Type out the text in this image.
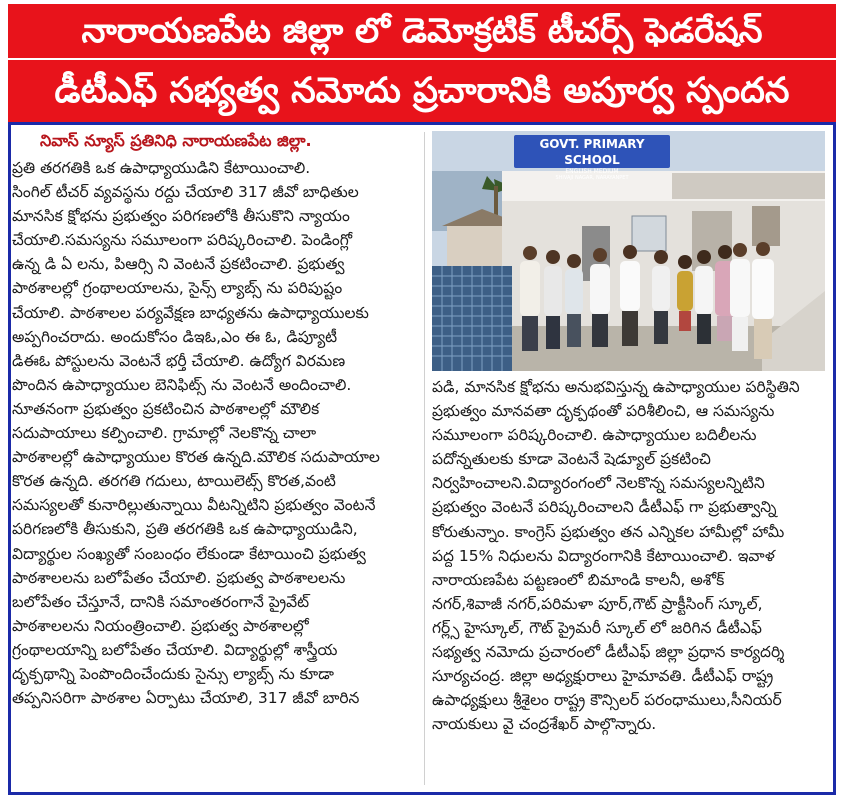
నారాయణపేట జిల్లా లో డెమోక్రటిక్ టీచర్స్ ఫెడరేషన్
డీటీఎఫ్ సభ్యత్వ నమోదు ప్రచారానికి అపూర్వ స్పందన
నివాస్ న్యూస్ ప్రతినిధి నారాయణపేట జిల్లా.
ప్రతి తరగతికి ఒక ఉపాధ్యాయుడిని కేటాయించాలి.
సింగిల్ టీచర్ వ్యవస్థను రద్దు చేయాలి 317 జీవో బాధితుల
మానసిక క్షోభను ప్రభుత్వం పరిగణలోకి తీసుకొని న్యాయం
చేయాలి.సమస్యను సమూలంగా పరిష్కరించాలి. పెండింగ్లో
ఉన్న డి ఏ లను, పిఆర్సి ని వెంటనే ప్రకటించాలి. ప్రభుత్వ
పాఠశాలల్లో గ్రంథాలయాలను, సైన్స్ ల్యాబ్స్ ను పరిపుష్టం
చేయాలి. పాఠశాలల పర్యవేక్షణ బాధ్యతను ఉపాధ్యాయులకు
అప్పగించరాదు. అందుకోసం డిఇఓ,ఎం ఈ ఓ, డిప్యూటీ
డిఈఓ పోస్టులను వెంటనే భర్తీ చేయాలి. ఉద్యోగ విరమణ
పొందిన ఉపాధ్యాయుల బెనిఫిట్స్ ను వెంటనే అందించాలి.
నూతనంగా ప్రభుత్వం ప్రకటించిన పాఠశాలల్లో మౌలిక
సదుపాయాలు కల్పించాలి. గ్రామాల్లో నెలకొన్న చాలా
పాఠశాలల్లో ఉపాధ్యాయుల కొరత ఉన్నది.మౌలిక సదుపాయాల
కొరత ఉన్నది. తరగతి గదులు, టాయిలెట్స్ కొరత,వంటి
సమస్యలతో కునారిల్లుతున్నాయి వీటన్నిటిని ప్రభుత్వం వెంటనే
పరిగణలోకి తీసుకుని, ప్రతి తరగతికి ఒక ఉపాధ్యాయుడిని,
విద్యార్థుల సంఖ్యతో సంబంధం లేకుండా కేటాయించి ప్రభుత్వ
పాఠశాలలను బలోపేతం చేయాలి. ప్రభుత్వ పాఠశాలలను
బలోపేతం చేస్తూనే, దానికి సమాంతరంగానే ప్రైవేట్
పాఠశాలలను నియంత్రించాలి. ప్రభుత్వ పాఠశాలల్లో
గ్రంథాలయాన్ని బలోపేతం చేయాలి. విద్యార్థుల్లో శాస్త్రీయ
దృక్పథాన్ని పెంపొందించేందుకు సైన్సు ల్యాబ్స్ ను కూడా
తప్పనిసరిగా పాఠశాల ఏర్పాటు చేయాలి, 317 జీవో బారిన
GOVT. PRIMARY SCHOOL
ENGLISH MEDIUM
SHIVAJI NAGAR, NARAYANPET
పడి, మానసిక క్షోభను అనుభవిస్తున్న ఉపాధ్యాయుల పరిస్థితిని
ప్రభుత్వం మానవతా దృక్పథంతో పరిశీలించి, ఆ సమస్యను
సమూలంగా పరిష్కరించాలి. ఉపాధ్యాయుల బదిలీలను
పదోన్నతులకు కూడా వెంటనే షెడ్యూల్ ప్రకటించి
నిర్వహించాలని.విద్యారంగంలో నెలకొన్న సమస్యలన్నిటిని
ప్రభుత్వం వెంటనే పరిష్కరించాలని డీటీఎఫ్ గా ప్రభుత్వాన్ని
కోరుతున్నాం. కాంగ్రెస్ ప్రభుత్వం తన ఎన్నికల హామీల్లో హామీ
పద్ద 15% నిధులను విద్యారంగానికి కేటాయించాలి. ఇవాళ
నారాయణపేట పట్టణంలో బిమాండి కాలనీ, అశోక్
నగర్,శివాజీ నగర్,పరిమళా పూర్,గౌట్ ప్రాక్టీసింగ్ స్కూల్,
గర్ల్స్ హైస్కూల్, గౌట్ ప్రైమరీ స్కూల్ లో జరిగిన డీటీఎఫ్
సభ్యత్వ నమోదు ప్రచారంలో డీటీఎఫ్ జిల్లా ప్రధాన కార్యదర్శి
సూర్యచంద్ర. జిల్లా అధ్యక్షురాలు హైమావతి. డీటీఎఫ్ రాష్ట్ర
ఉపాధ్యక్షులు శ్రీశైలం రాష్ట్ర కౌన్సిలర్ పరంధాములు,సీనియర్
నాయకులు వై చంద్రశేఖర్ పాల్గొన్నారు.
